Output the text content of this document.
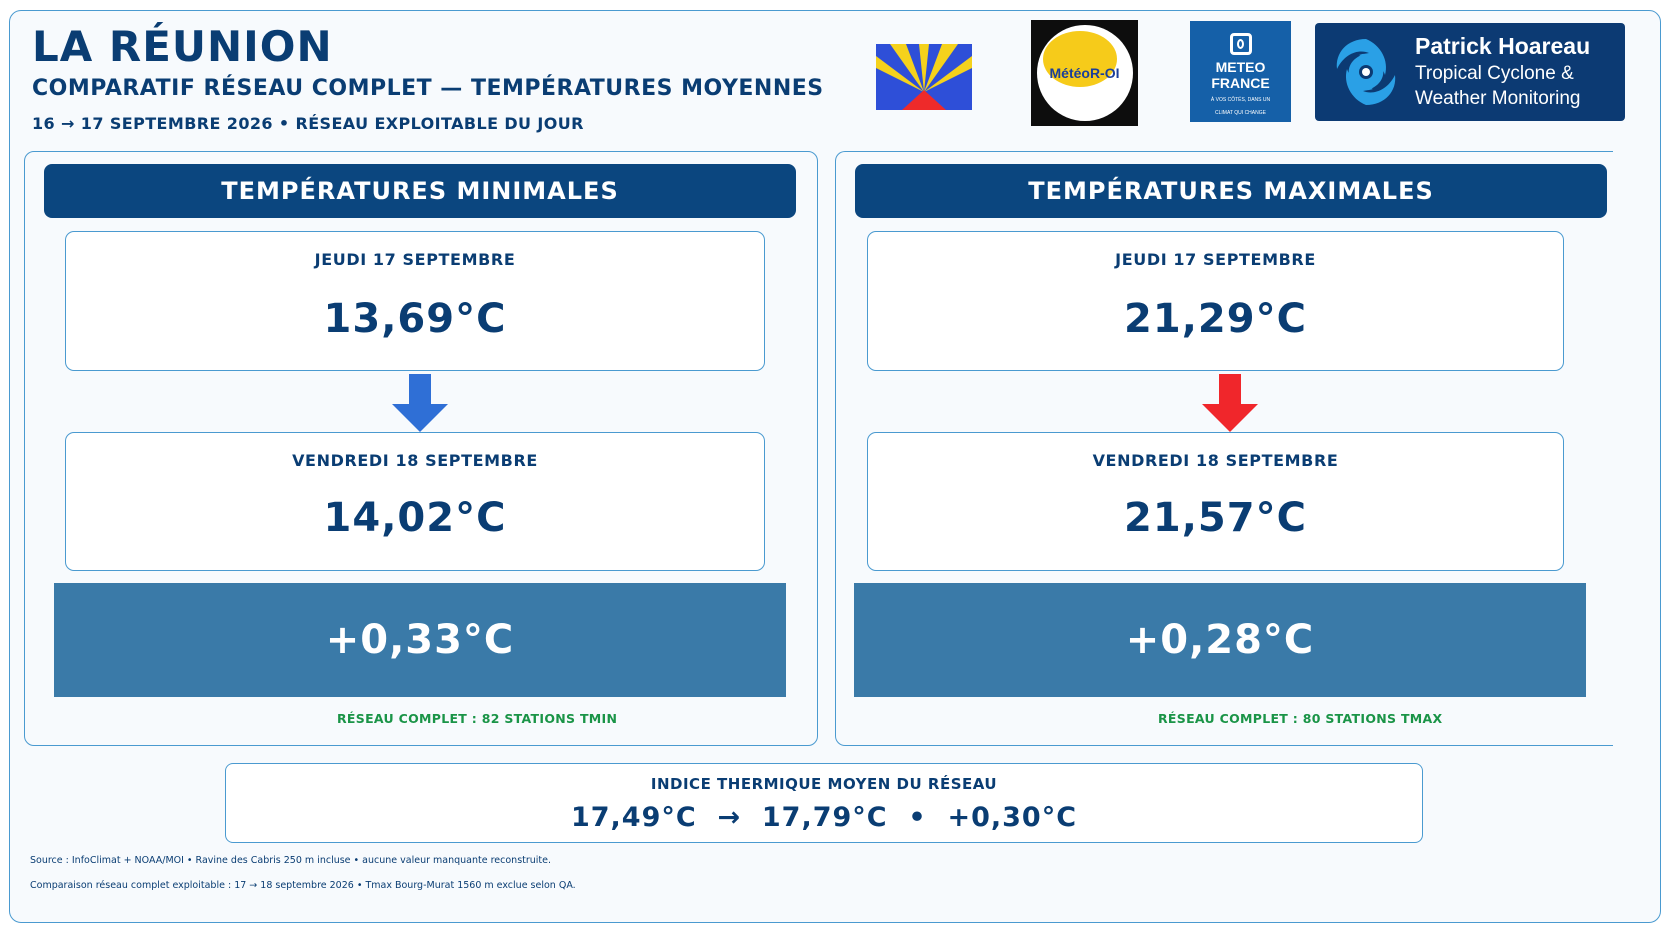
LA RÉUNION
COMPARATIF RÉSEAU COMPLET — TEMPÉRATURES MOYENNES
16 → 17 SEPTEMBRE 2026 • RÉSEAU EXPLOITABLE DU JOUR
MétéoR-OI	METEO
FRANCE
À VOS CÔTÉS, DANS UN
CLIMAT QUI CHANGE
Patrick Hoareau
Tropical Cyclone &
Weather Monitoring
TEMPÉRATURES MINIMALES
JEUDI 17 SEPTEMBRE
13,69°C
VENDREDI 18 SEPTEMBRE
14,02°C
+0,33°C
RÉSEAU COMPLET : 82 STATIONS TMIN
TEMPÉRATURES MAXIMALES
JEUDI 17 SEPTEMBRE
21,29°C
VENDREDI 18 SEPTEMBRE
21,57°C
+0,28°C
RÉSEAU COMPLET : 80 STATIONS TMAX
INDICE THERMIQUE MOYEN DU RÉSEAU
17,49°C  →  17,79°C  •  +0,30°C
Source : InfoClimat + NOAA/MOI • Ravine des Cabris 250 m incluse • aucune valeur manquante reconstruite.
Comparaison réseau complet exploitable : 17 → 18 septembre 2026 • Tmax Bourg-Murat 1560 m exclue selon QA.
